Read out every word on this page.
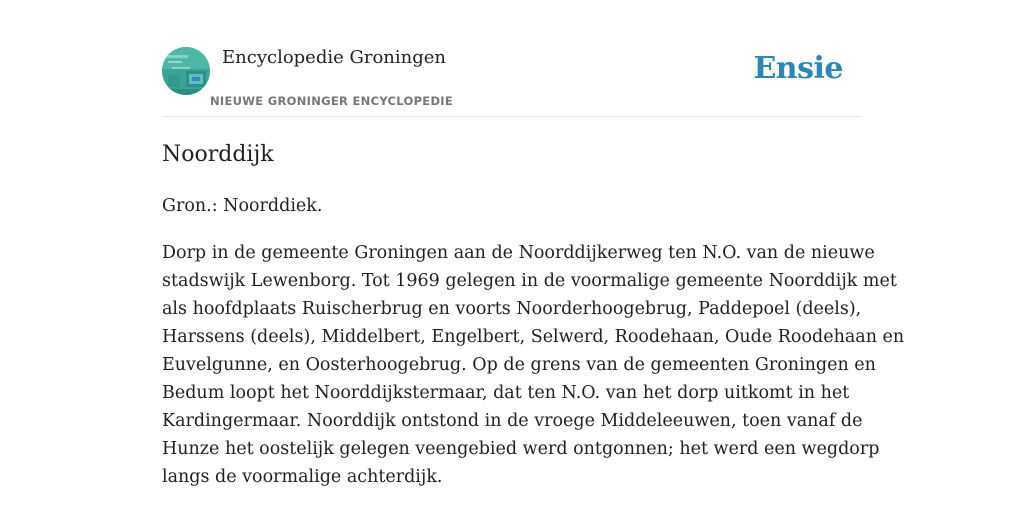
Encyclopedie Groningen
NIEUWE GRONINGER ENCYCLOPEDIE
Ensie
Noorddijk

Gron.: Noorddiek.

Dorp in de gemeente Groningen aan de Noorddijkerweg ten N.O. van de nieuwe
stadswijk Lewenborg. Tot 1969 gelegen in de voormalige gemeente Noorddijk met
als hoofdplaats Ruischerbrug en voorts Noorderhoogebrug, Paddepoel (deels),
Harssens (deels), Middelbert, Engelbert, Selwerd, Roodehaan, Oude Roodehaan en
Euvelgunne, en Oosterhoogebrug. Op de grens van de gemeenten Groningen en
Bedum loopt het Noorddijkstermaar, dat ten N.O. van het dorp uitkomt in het
Kardingermaar. Noorddijk ontstond in de vroege Middeleeuwen, toen vanaf de
Hunze het oostelijk gelegen veengebied werd ontgonnen; het werd een wegdorp
langs de voormalige achterdijk.
